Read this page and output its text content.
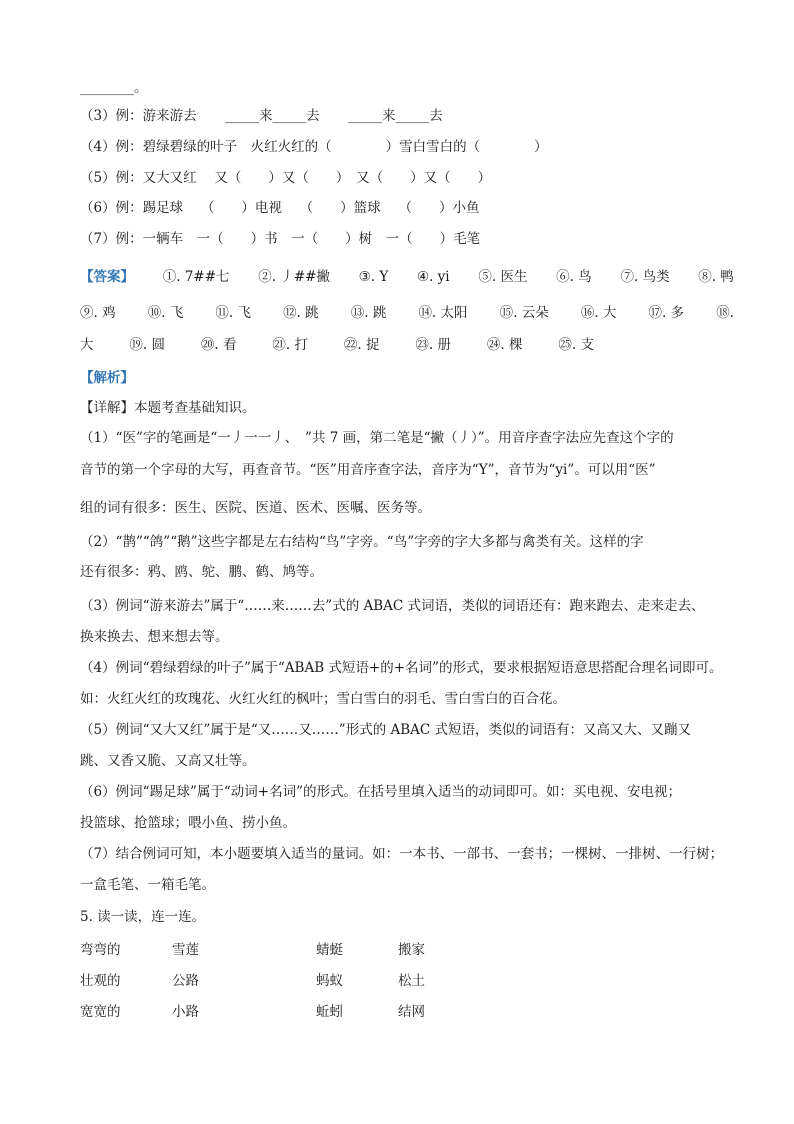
________。
（3）例：游来游去 _____来_____去 _____来_____去
（4）例：碧绿碧绿的叶子　火红火红的（　　　　）雪白雪白的（　　　　）
（5）例：又大又红　 又（　　）又（　　）　又（　　）又（　　）
（6）例：踢足球　 （　　）电视　 （　　）篮球　 （　　）小鱼
（7）例：一辆车　一（　　）书　一（　　）树　一（　　）毛笔
【答案】 ①. 7##七 ②. 丿##撇 ③. Y ④. yi ⑤. 医生 ⑥. 鸟 ⑦. 鸟类 ⑧. 鸭
⑨. 鸡 ⑩. 飞 ⑪. 飞 ⑫. 跳 ⑬. 跳 ⑭. 太阳 ⑮. 云朵 ⑯. 大 ⑰. 多 ⑱.
大	⑲. 圆	⑳. 看	㉑. 打	㉒. 捉	㉓. 册	㉔. 棵	㉕. 支
【解析】
【详解】本题考查基础知识。
（1）“医”字的笔画是“一丿一一丿、　”共 7 画，第二笔是“撇（丿）”。用音序查字法应先查这个字的
音节的第一个字母的大写，再查音节。“医”用音序查字法，音序为“Y”，音节为“yi”。可以用“医”
组的词有很多：医生、医院、医道、医术、医嘱、医务等。
（2）“鹊”“鸽”“鹅”这些字都是左右结构“鸟”字旁。“鸟”字旁的字大多都与禽类有关。这样的字
还有很多：鸦、鸥、鸵、鹏、鹤、鸠等。
（3）例词“游来游去”属于“……来……去”式的 ABAC 式词语，类似的词语还有：跑来跑去、走来走去、
换来换去、想来想去等。
（4）例词“碧绿碧绿的叶子”属于“ABAB 式短语+的+名词”的形式，要求根据短语意思搭配合理名词即可。
如：火红火红的玫瑰花、火红火红的枫叶；雪白雪白的羽毛、雪白雪白的百合花。
（5）例词“又大又红”属于是“又……又……”形式的 ABAC 式短语，类似的词语有：又高又大、又蹦又
跳、又香又脆、又高又壮等。
（6）例词“踢足球”属于“动词+名词”的形式。在括号里填入适当的动词即可。如：买电视、安电视；
投篮球、抢篮球；喂小鱼、捞小鱼。
（7）结合例词可知，本小题要填入适当的量词。如：一本书、一部书、一套书；一棵树、一排树、一行树；
一盒毛笔、一箱毛笔。
5. 读一读，连一连。
弯弯的	雪莲	蜻蜓	搬家
壮观的	公路	蚂蚁	松土
宽宽的	小路	蚯蚓	结网
